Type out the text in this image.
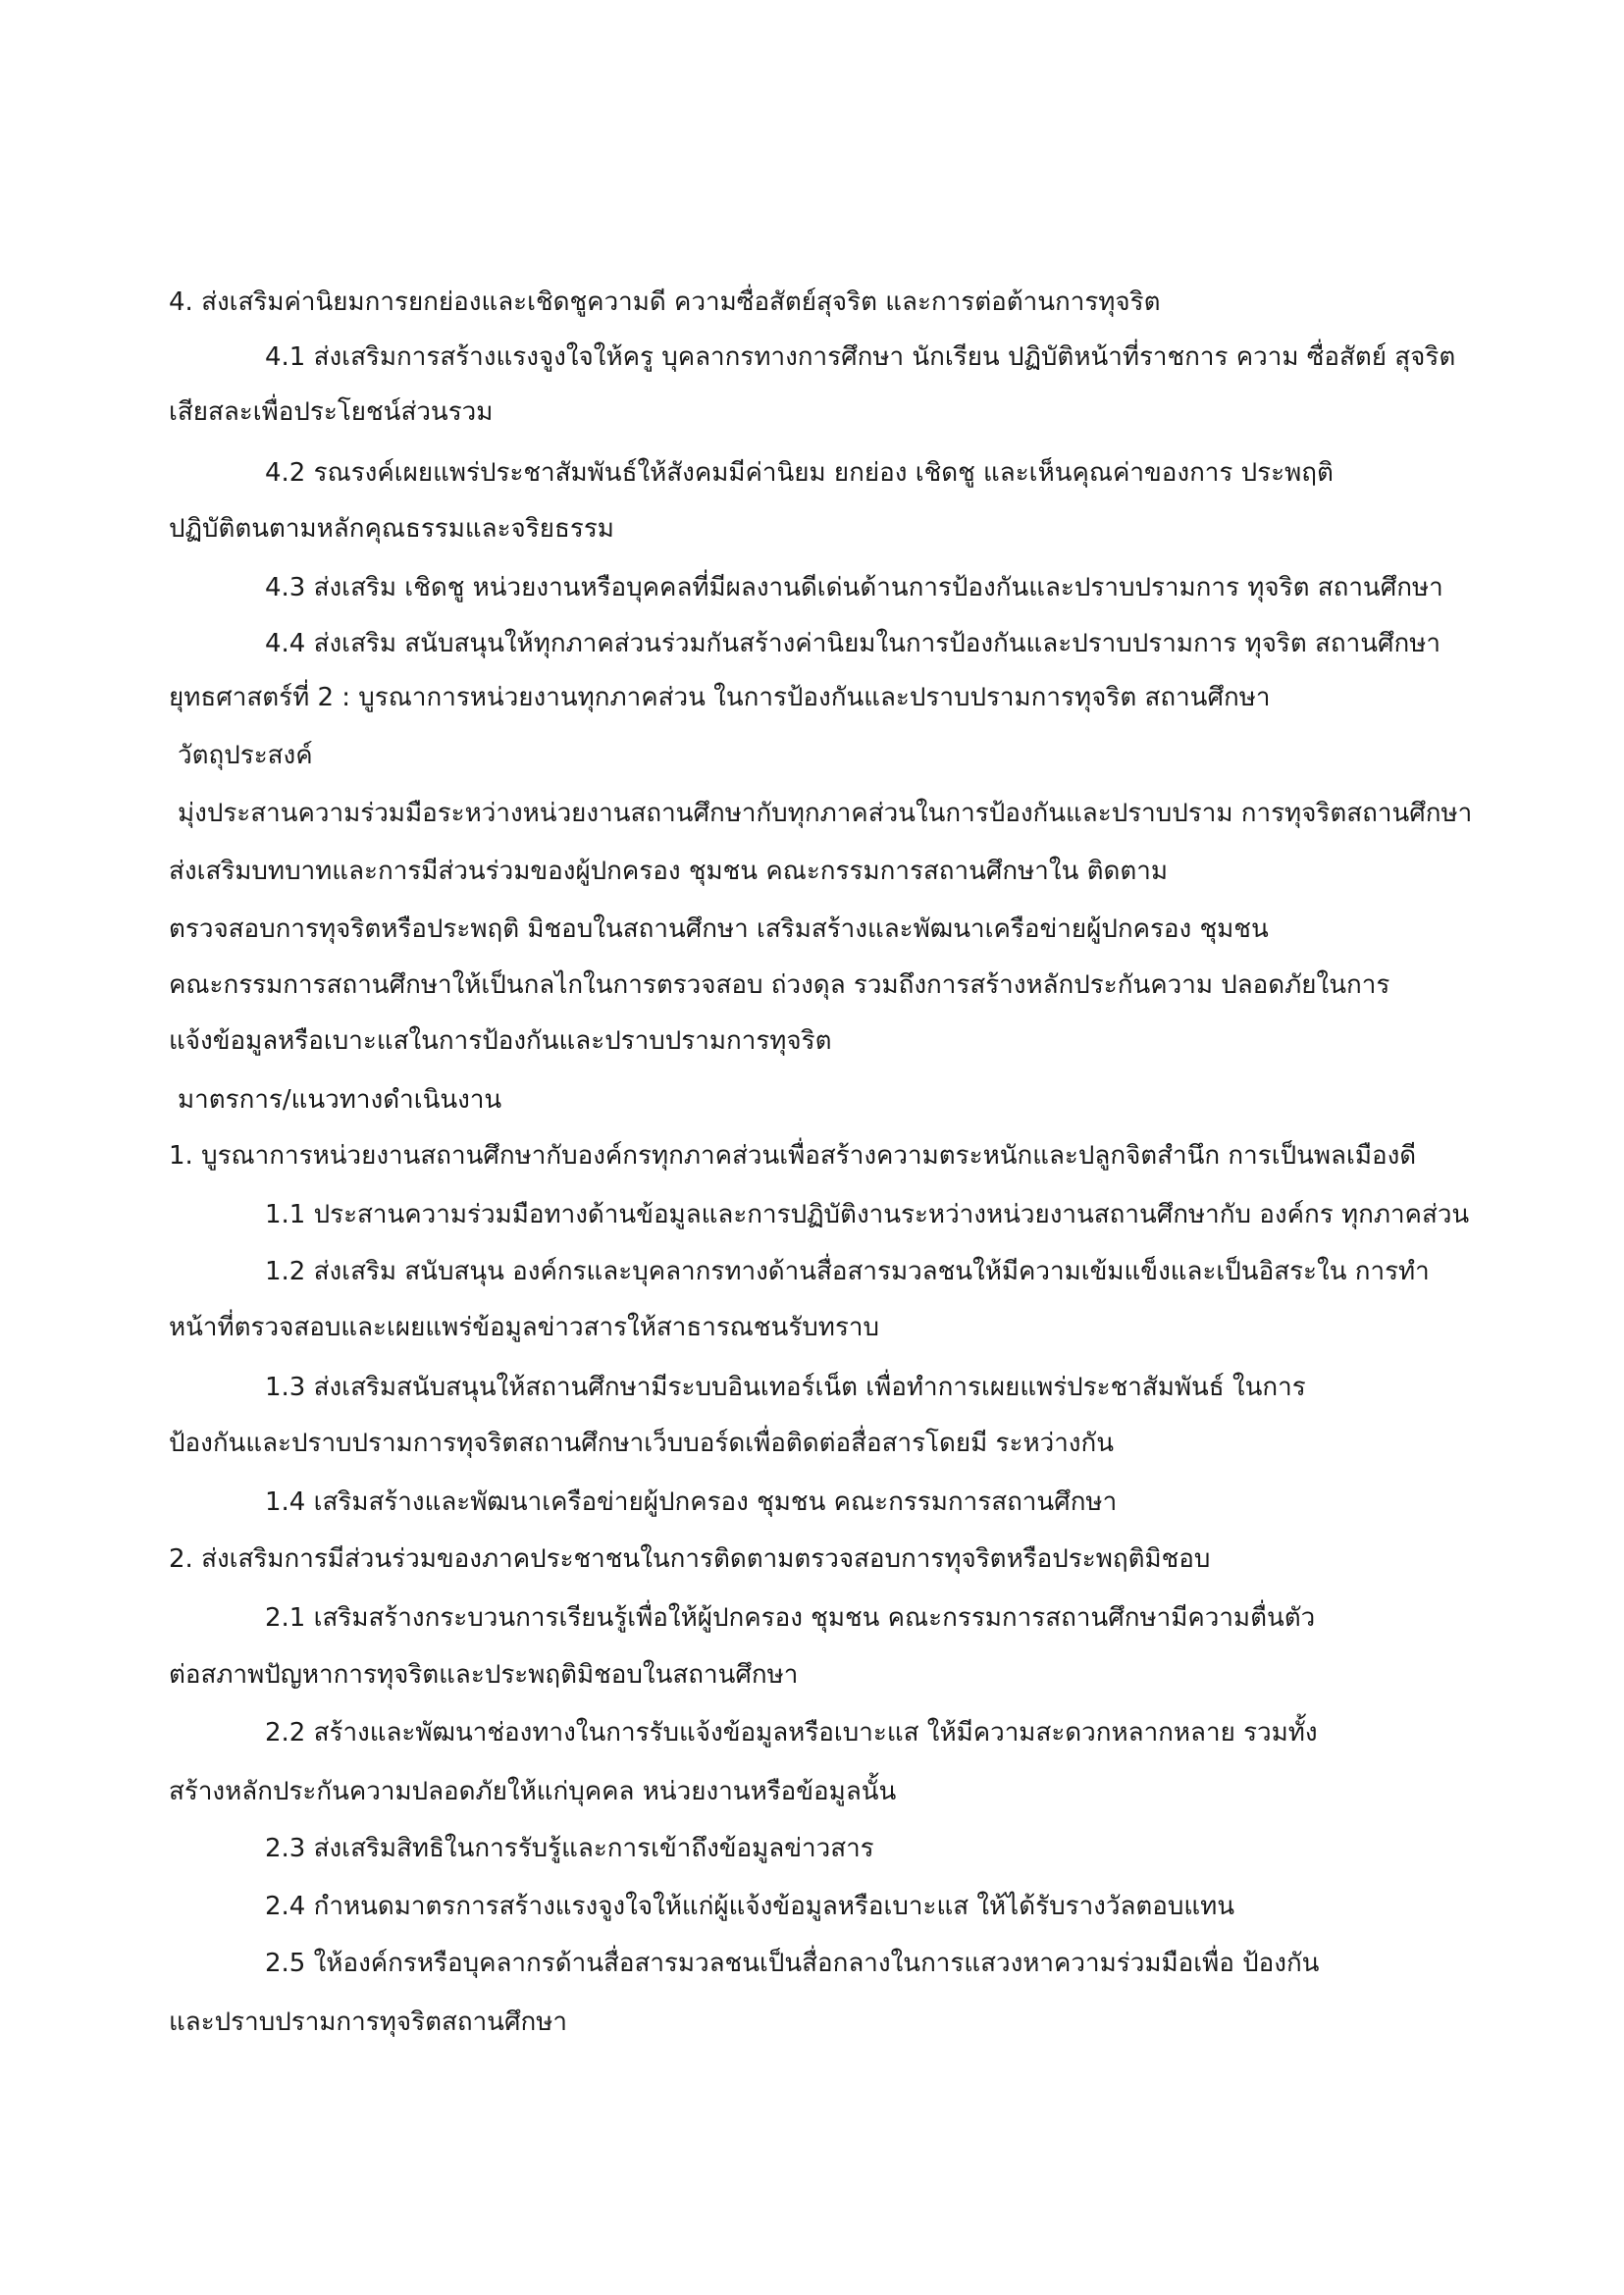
4. ส่งเสริมค่านิยมการยกย่องและเชิดชูความดี ความซื่อสัตย์สุจริต และการต่อต้านการทุจริต
4.1 ส่งเสริมการสร้างแรงจูงใจให้ครู บุคลากรทางการศึกษา นักเรียน ปฏิบัติหน้าที่ราชการ ความ ซื่อสัตย์ สุจริต
เสียสละเพื่อประโยชน์ส่วนรวม
4.2 รณรงค์เผยแพร่ประชาสัมพันธ์ให้สังคมมีค่านิยม ยกย่อง เชิดชู และเห็นคุณค่าของการ ประพฤติ
ปฏิบัติตนตามหลักคุณธรรมและจริยธรรม
4.3 ส่งเสริม เชิดชู หน่วยงานหรือบุคคลที่มีผลงานดีเด่นด้านการป้องกันและปราบปรามการ ทุจริต สถานศึกษา
4.4 ส่งเสริม สนับสนุนให้ทุกภาคส่วนร่วมกันสร้างค่านิยมในการป้องกันและปราบปรามการ ทุจริต สถานศึกษา
ยุทธศาสตร์ที่ 2 : บูรณาการหน่วยงานทุกภาคส่วน ในการป้องกันและปราบปรามการทุจริต สถานศึกษา
วัตถุประสงค์
มุ่งประสานความร่วมมือระหว่างหน่วยงานสถานศึกษากับทุกภาคส่วนในการป้องกันและปราบปราม การทุจริตสถานศึกษา
ส่งเสริมบทบาทและการมีส่วนร่วมของผู้ปกครอง ชุมชน คณะกรรมการสถานศึกษาใน ติดตาม
ตรวจสอบการทุจริตหรือประพฤติ มิชอบในสถานศึกษา เสริมสร้างและพัฒนาเครือข่ายผู้ปกครอง ชุมชน
คณะกรรมการสถานศึกษาให้เป็นกลไกในการตรวจสอบ ถ่วงดุล รวมถึงการสร้างหลักประกันความ ปลอดภัยในการ
แจ้งข้อมูลหรือเบาะแสในการป้องกันและปราบปรามการทุจริต
มาตรการ/แนวทางดำเนินงาน
1. บูรณาการหน่วยงานสถานศึกษากับองค์กรทุกภาคส่วนเพื่อสร้างความตระหนักและปลูกจิตสำนึก การเป็นพลเมืองดี
1.1 ประสานความร่วมมือทางด้านข้อมูลและการปฏิบัติงานระหว่างหน่วยงานสถานศึกษากับ องค์กร ทุกภาคส่วน
1.2 ส่งเสริม สนับสนุน องค์กรและบุคลากรทางด้านสื่อสารมวลชนให้มีความเข้มแข็งและเป็นอิสระใน การทำ
หน้าที่ตรวจสอบและเผยแพร่ข้อมูลข่าวสารให้สาธารณชนรับทราบ
1.3 ส่งเสริมสนับสนุนให้สถานศึกษามีระบบอินเทอร์เน็ต เพื่อทำการเผยแพร่ประชาสัมพันธ์ ในการ
ป้องกันและปราบปรามการทุจริตสถานศึกษาเว็บบอร์ดเพื่อติดต่อสื่อสารโดยมี ระหว่างกัน
1.4 เสริมสร้างและพัฒนาเครือข่ายผู้ปกครอง ชุมชน คณะกรรมการสถานศึกษา
2. ส่งเสริมการมีส่วนร่วมของภาคประชาชนในการติดตามตรวจสอบการทุจริตหรือประพฤติมิชอบ
2.1 เสริมสร้างกระบวนการเรียนรู้เพื่อให้ผู้ปกครอง ชุมชน คณะกรรมการสถานศึกษามีความตื่นตัว
ต่อสภาพปัญหาการทุจริตและประพฤติมิชอบในสถานศึกษา
2.2 สร้างและพัฒนาช่องทางในการรับแจ้งข้อมูลหรือเบาะแส ให้มีความสะดวกหลากหลาย รวมทั้ง
สร้างหลักประกันความปลอดภัยให้แก่บุคคล หน่วยงานหรือข้อมูลนั้น
2.3 ส่งเสริมสิทธิในการรับรู้และการเข้าถึงข้อมูลข่าวสาร
2.4 กำหนดมาตรการสร้างแรงจูงใจให้แก่ผู้แจ้งข้อมูลหรือเบาะแส ให้ได้รับรางวัลตอบแทน
2.5 ให้องค์กรหรือบุคลากรด้านสื่อสารมวลชนเป็นสื่อกลางในการแสวงหาความร่วมมือเพื่อ ป้องกัน
และปราบปรามการทุจริตสถานศึกษา
